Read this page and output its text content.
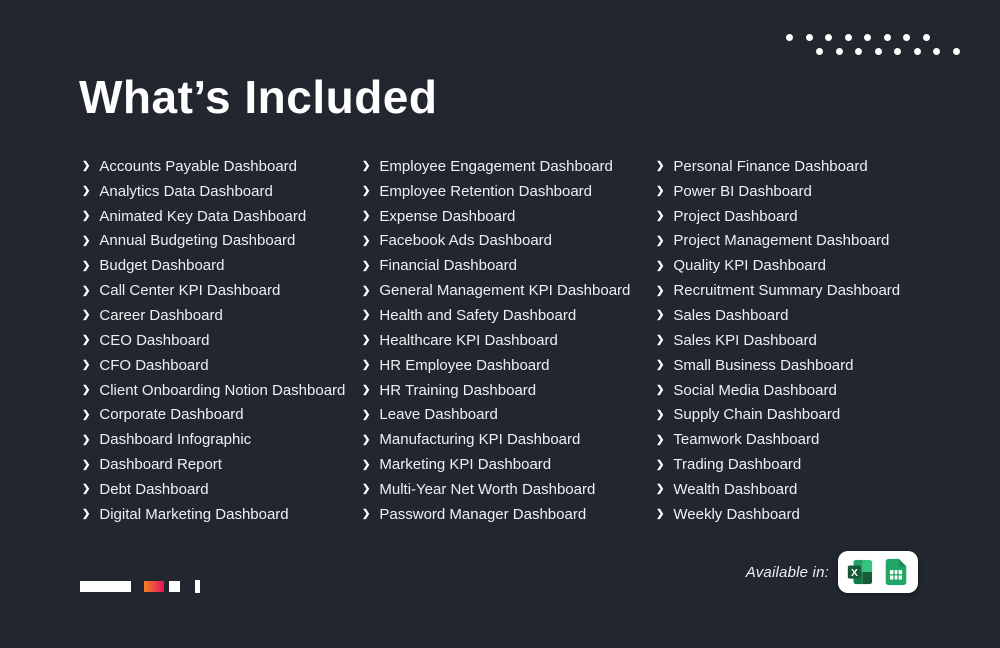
What’s Included
❯ Accounts Payable Dashboard
❯ Analytics Data Dashboard
❯ Animated Key Data Dashboard
❯ Annual Budgeting Dashboard
❯ Budget Dashboard
❯ Call Center KPI Dashboard
❯ Career Dashboard
❯ CEO Dashboard
❯ CFO Dashboard
❯ Client Onboarding Notion Dashboard
❯ Corporate Dashboard
❯ Dashboard Infographic
❯ Dashboard Report
❯ Debt Dashboard
❯ Digital Marketing Dashboard
❯ Employee Engagement Dashboard
❯ Employee Retention Dashboard
❯ Expense Dashboard
❯ Facebook Ads Dashboard
❯ Financial Dashboard
❯ General Management KPI Dashboard
❯ Health and Safety Dashboard
❯ Healthcare KPI Dashboard
❯ HR Employee Dashboard
❯ HR Training Dashboard
❯ Leave Dashboard
❯ Manufacturing KPI Dashboard
❯ Marketing KPI Dashboard
❯ Multi-Year Net Worth Dashboard
❯ Password Manager Dashboard
❯ Personal Finance Dashboard
❯ Power BI Dashboard
❯ Project Dashboard
❯ Project Management Dashboard
❯ Quality KPI Dashboard
❯ Recruitment Summary Dashboard
❯ Sales Dashboard
❯ Sales KPI Dashboard
❯ Small Business Dashboard
❯ Social Media Dashboard
❯ Supply Chain Dashboard
❯ Teamwork Dashboard
❯ Trading Dashboard
❯ Wealth Dashboard
❯ Weekly Dashboard
Available in: X
